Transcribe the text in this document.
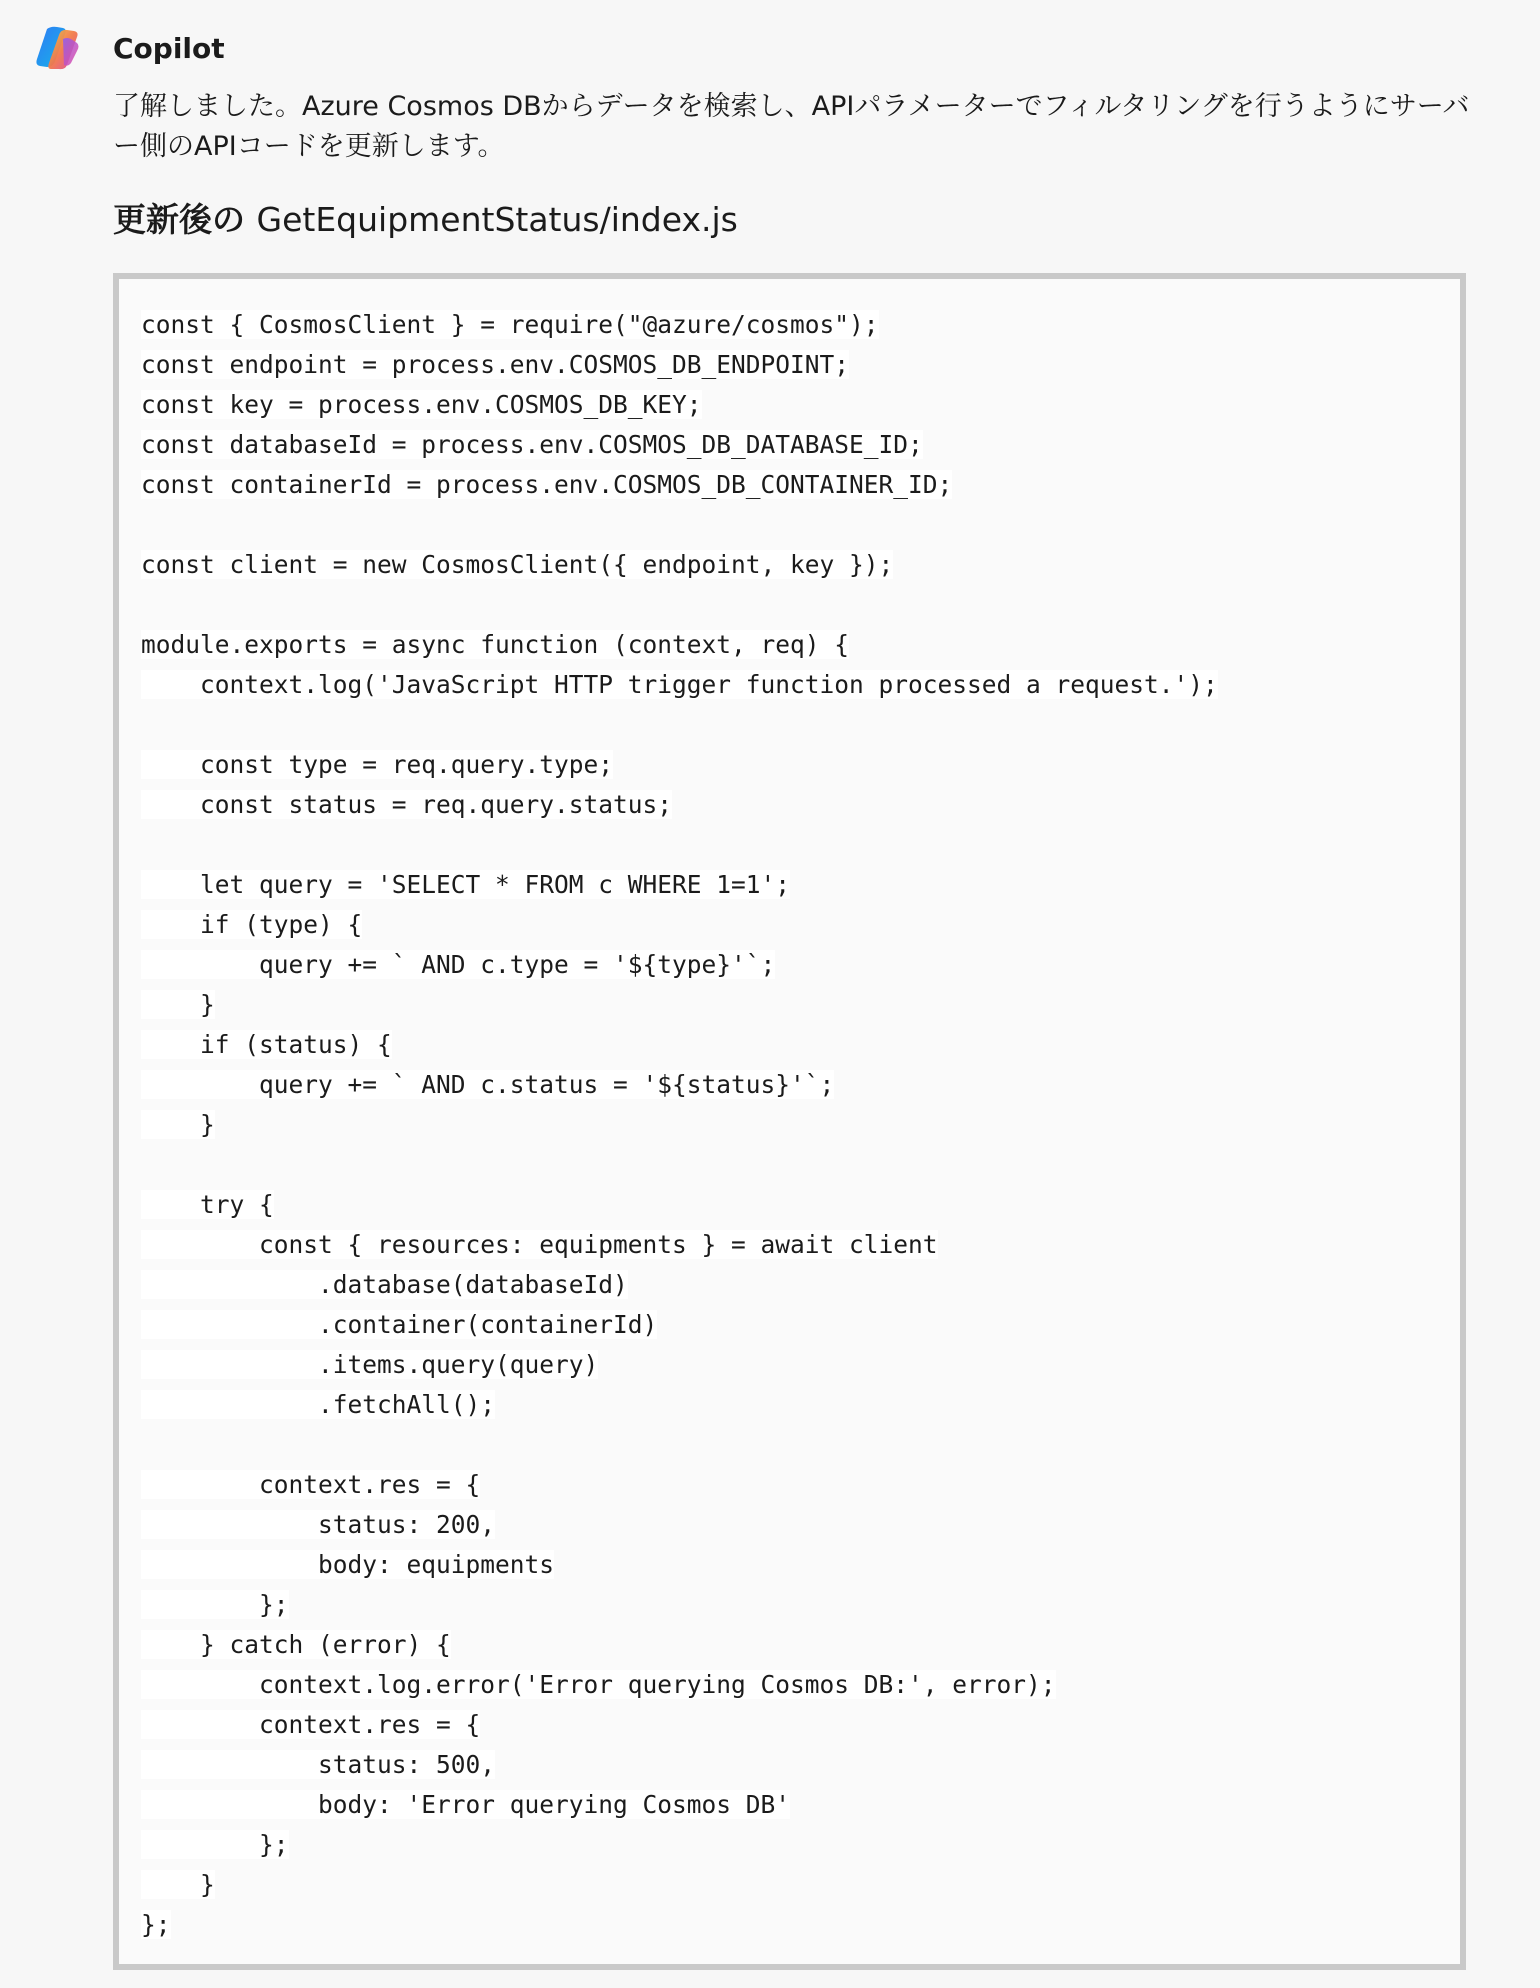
Copilot
了解しました。Azure Cosmos DBからデータを検索し、APIパラメーターでフィルタリングを行うようにサーバー側のAPIコードを更新します。
更新後の GetEquipmentStatus/index.js
const { CosmosClient } = require("@azure/cosmos");
const endpoint = process.env.COSMOS_DB_ENDPOINT;
const key = process.env.COSMOS_DB_KEY;
const databaseId = process.env.COSMOS_DB_DATABASE_ID;
const containerId = process.env.COSMOS_DB_CONTAINER_ID;
const client = new CosmosClient({ endpoint, key });
module.exports = async function (context, req) {
context.log('JavaScript HTTP trigger function processed a request.');
const type = req.query.type;
const status = req.query.status;
let query = 'SELECT * FROM c WHERE 1=1';
if (type) {
query += ` AND c.type = '${type}'`;
}
if (status) {
query += ` AND c.status = '${status}'`;
}
try {
const { resources: equipments } = await client
.database(databaseId)
.container(containerId)
.items.query(query)
.fetchAll();
context.res = {
status: 200,
body: equipments
};
} catch (error) {
context.log.error('Error querying Cosmos DB:', error);
context.res = {
status: 500,
body: 'Error querying Cosmos DB'
};
}
};
